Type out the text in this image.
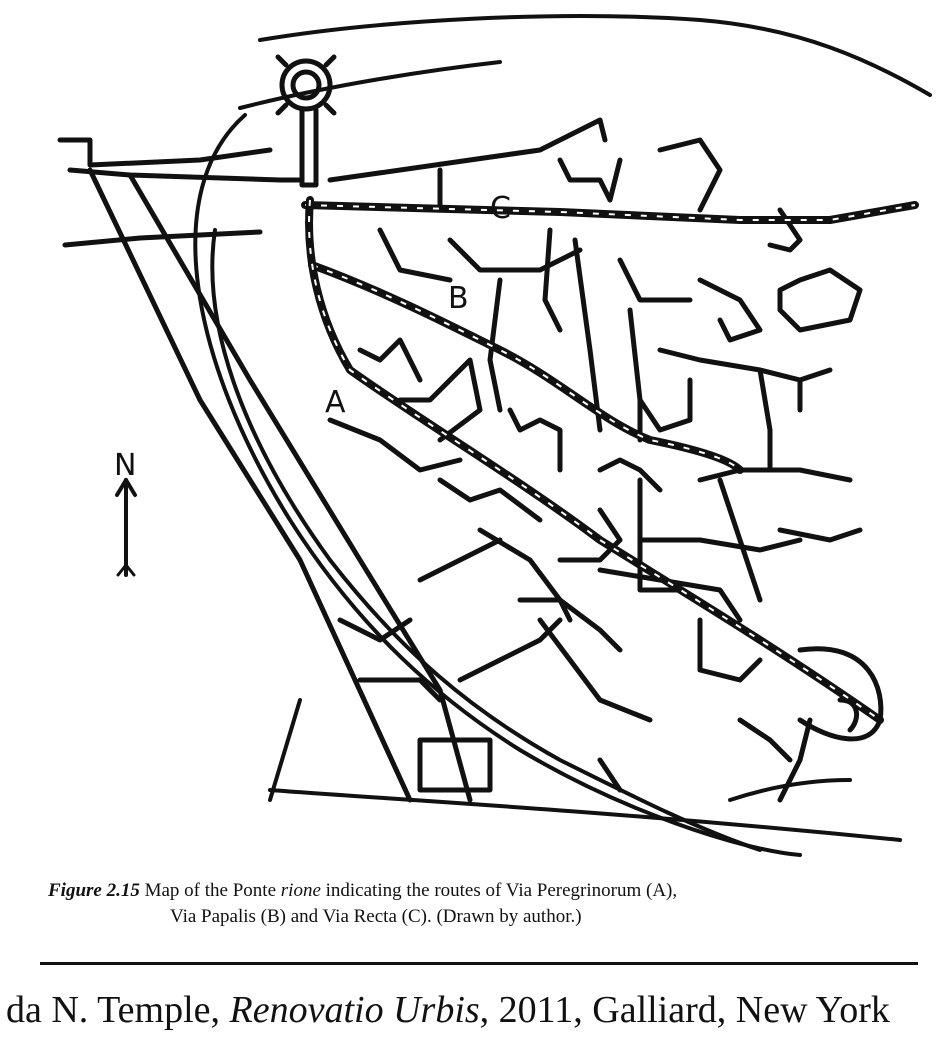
C
B
A
N
Figure 2.15 Map of the Ponte rione indicating the routes of Via Peregrinorum (A),
Via Papalis (B) and Via Recta (C). (Drawn by author.)
da N. Temple, Renovatio Urbis, 2011, Galliard, New York
